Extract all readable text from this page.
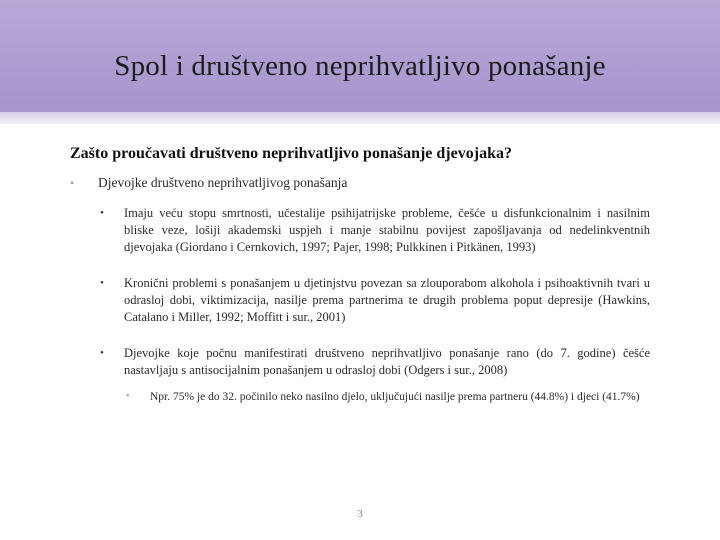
Spol i društveno neprihvatljivo ponašanje
Zašto proučavati društveno neprihvatljivo ponašanje djevojaka?
• Djevojke društveno neprihvatljivog ponašanja
• Imaju veću stopu smrtnosti, učestalije psihijatrijske probleme, češće u disfunkcionalnim i nasilnim bliske veze, lošiji akademski uspjeh i manje stabilnu povijest zapošljavanja od nedelinkventnih djevojaka (Giordano i Cernkovich, 1997; Pajer, 1998; Pulkkinen i Pitkänen, 1993)
• Kronični problemi s ponašanjem u djetinjstvu povezan sa zlouporabom alkohola i psihoaktivnih tvari u odrasloj dobi, viktimizacija, nasilje prema partnerima te drugih problema poput depresije (Hawkins, Catalano i Miller, 1992; Moffitt i sur., 2001)
• Djevojke koje počnu manifestirati društveno neprihvatljivo ponašanje rano (do 7. godine) češće nastavljaju s antisocijalnim ponašanjem u odrasloj dobi (Odgers i sur., 2008)
• Npr. 75% je do 32. počinilo neko nasilno djelo, uključujući nasilje prema partneru (44.8%) i djeci (41.7%)
3
